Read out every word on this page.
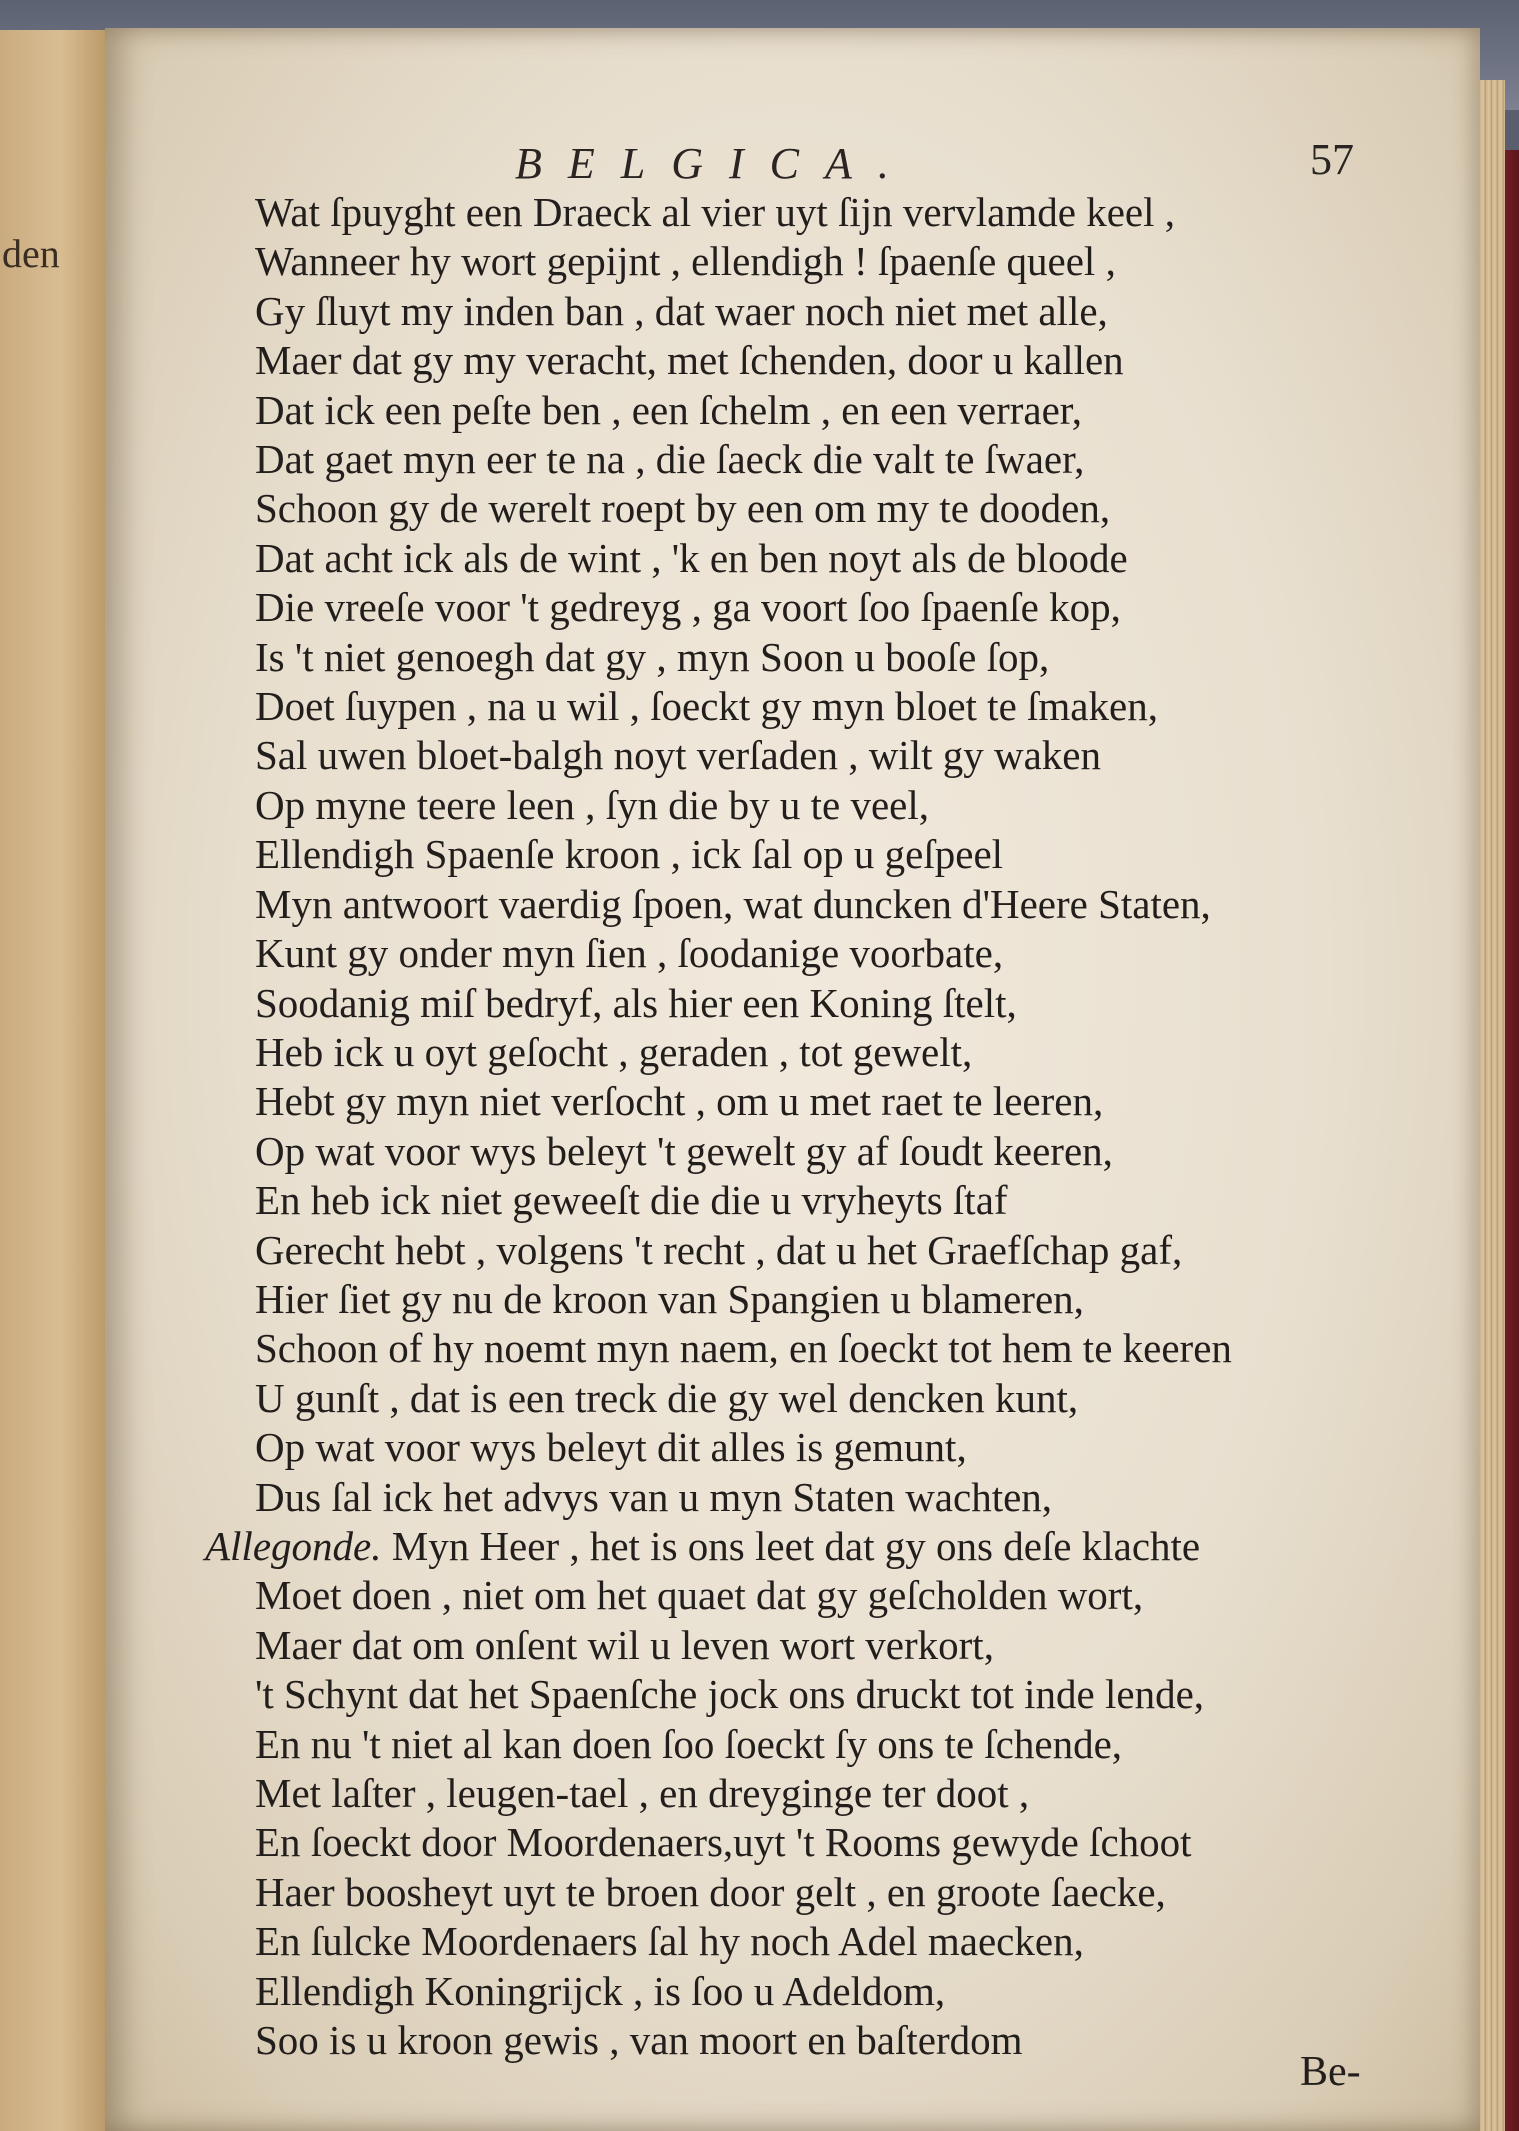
den
BELGICA.	57
Wat ſpuyght een Draeck al vier uyt ſijn vervlamde keel ,
Wanneer hy wort gepijnt , ellendigh ! ſpaenſe queel ,
Gy ſluyt my inden ban , dat waer noch niet met alle,
Maer dat gy my veracht, met ſchenden, door u kallen
Dat ick een peſte ben , een ſchelm , en een verraer,
Dat gaet myn eer te na , die ſaeck die valt te ſwaer,
Schoon gy de werelt roept by een om my te dooden,
Dat acht ick als de wint , 'k en ben noyt als de bloode
Die vreeſe voor 't gedreyg , ga voort ſoo ſpaenſe kop,
Is 't niet genoegh dat gy , myn Soon u booſe ſop,
Doet ſuypen , na u wil , ſoeckt gy myn bloet te ſmaken,
Sal uwen bloet-balgh noyt verſaden , wilt gy waken
Op myne teere leen , ſyn die by u te veel,
Ellendigh Spaenſe kroon , ick ſal op u geſpeel
Myn antwoort vaerdig ſpoen, wat duncken d'Heere Staten,
Kunt gy onder myn ſien , ſoodanige voorbate,
Soodanig miſ bedryf, als hier een Koning ſtelt,
Heb ick u oyt geſocht , geraden , tot gewelt,
Hebt gy myn niet verſocht , om u met raet te leeren,
Op wat voor wys beleyt 't gewelt gy af ſoudt keeren,
En heb ick niet geweeſt die die u vryheyts ſtaf
Gerecht hebt , volgens 't recht , dat u het Graefſchap gaf,
Hier ſiet gy nu de kroon van Spangien u blameren,
Schoon of hy noemt myn naem, en ſoeckt tot hem te keeren
U gunſt , dat is een treck die gy wel dencken kunt,
Op wat voor wys beleyt dit alles is gemunt,
Dus ſal ick het advys van u myn Staten wachten,
Allegonde. Myn Heer , het is ons leet dat gy ons deſe klachte
Moet doen , niet om het quaet dat gy geſcholden wort,
Maer dat om onſent wil u leven wort verkort,
't Schynt dat het Spaenſche jock ons druckt tot inde lende,
En nu 't niet al kan doen ſoo ſoeckt ſy ons te ſchende,
Met laſter , leugen-tael , en dreyginge ter doot ,
En ſoeckt door Moordenaers,uyt 't Rooms gewyde ſchoot
Haer boosheyt uyt te broen door gelt , en groote ſaecke,
En ſulcke Moordenaers ſal hy noch Adel maecken,
Ellendigh Koningrijck , is ſoo u Adeldom,
Soo is u kroon gewis , van moort en baſterdom
Be-
